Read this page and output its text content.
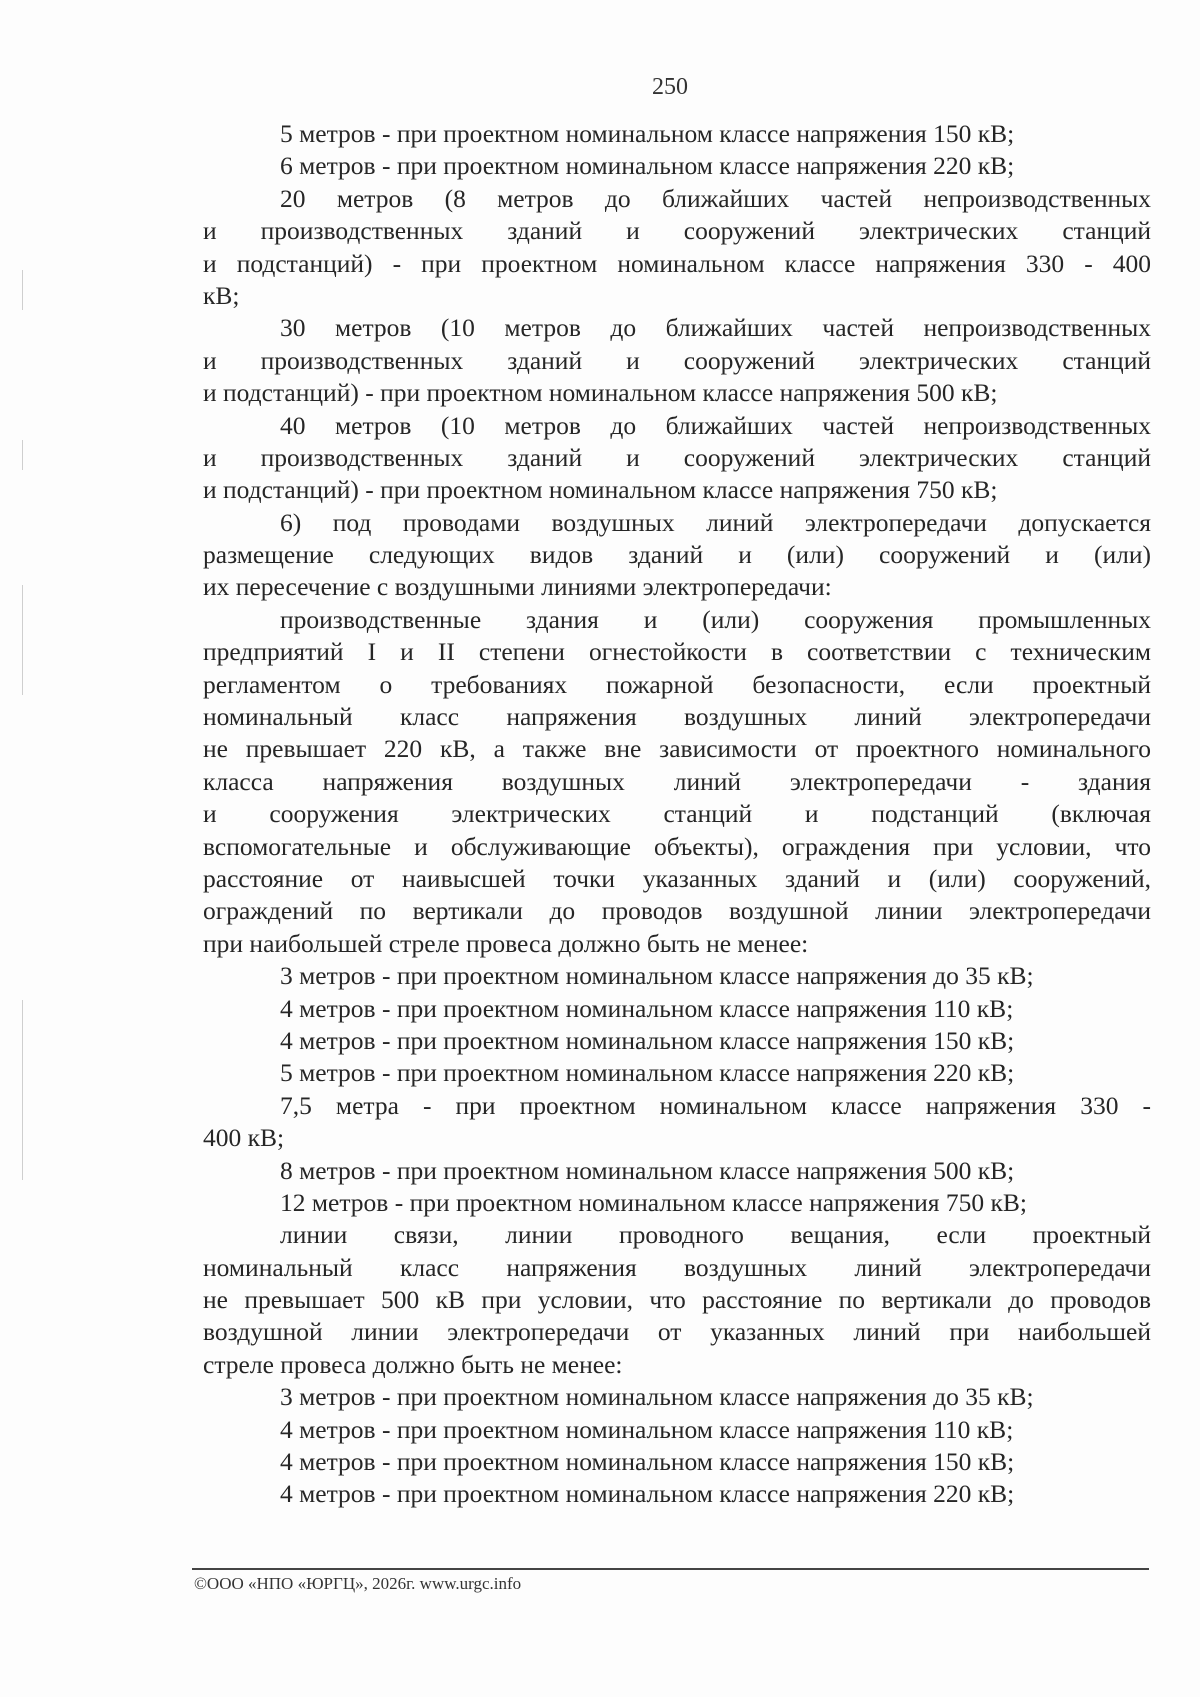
250
5 метров - при проектном номинальном классе напряжения 150 кВ;
6 метров - при проектном номинальном классе напряжения 220 кВ;
20 метров (8 метров до ближайших частей непроизводственных
и производственных зданий и сооружений электрических станций
и подстанций) - при проектном номинальном классе напряжения 330 - 400
кВ;
30 метров (10 метров до ближайших частей непроизводственных
и производственных зданий и сооружений электрических станций
и подстанций) - при проектном номинальном классе напряжения 500 кВ;
40 метров (10 метров до ближайших частей непроизводственных
и производственных зданий и сооружений электрических станций
и подстанций) - при проектном номинальном классе напряжения 750 кВ;
6) под проводами воздушных линий электропередачи допускается
размещение следующих видов зданий и (или) сооружений и (или)
их пересечение с воздушными линиями электропередачи:
производственные здания и (или) сооружения промышленных
предприятий I и II степени огнестойкости в соответствии с техническим
регламентом о требованиях пожарной безопасности, если проектный
номинальный класс напряжения воздушных линий электропередачи
не превышает 220 кВ, а также вне зависимости от проектного номинального
класса напряжения воздушных линий электропередачи - здания
и сооружения электрических станций и подстанций (включая
вспомогательные и обслуживающие объекты), ограждения при условии, что
расстояние от наивысшей точки указанных зданий и (или) сооружений,
ограждений по вертикали до проводов воздушной линии электропередачи
при наибольшей стреле провеса должно быть не менее:
3 метров - при проектном номинальном классе напряжения до 35 кВ;
4 метров - при проектном номинальном классе напряжения 110 кВ;
4 метров - при проектном номинальном классе напряжения 150 кВ;
5 метров - при проектном номинальном классе напряжения 220 кВ;
7,5 метра - при проектном номинальном классе напряжения 330 -
400 кВ;
8 метров - при проектном номинальном классе напряжения 500 кВ;
12 метров - при проектном номинальном классе напряжения 750 кВ;
линии связи, линии проводного вещания, если проектный
номинальный класс напряжения воздушных линий электропередачи
не превышает 500 кВ при условии, что расстояние по вертикали до проводов
воздушной линии электропередачи от указанных линий при наибольшей
стреле провеса должно быть не менее:
3 метров - при проектном номинальном классе напряжения до 35 кВ;
4 метров - при проектном номинальном классе напряжения 110 кВ;
4 метров - при проектном номинальном классе напряжения 150 кВ;
4 метров - при проектном номинальном классе напряжения 220 кВ;
©ООО «НПО «ЮРГЦ», 2026г. www.urgc.info
